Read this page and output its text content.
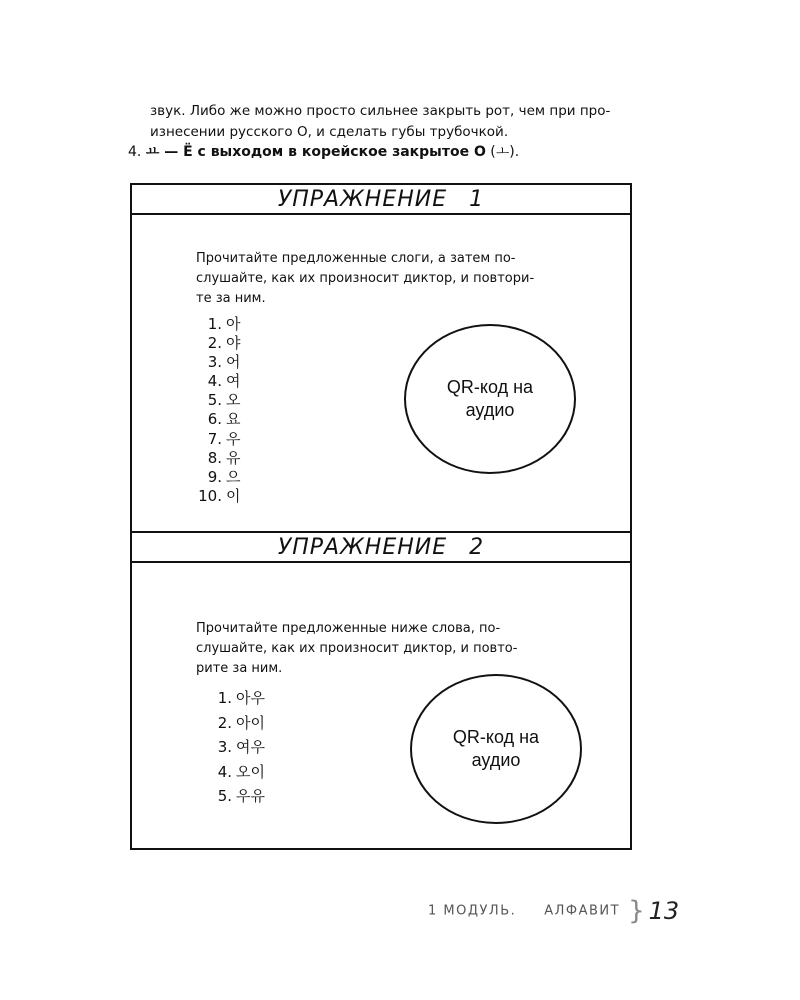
звук. Либо же можно просто сильнее закрыть рот, чем при про-
изнесении русского О, и сделать губы трубочкой.
4. ㅛ — Ё с выходом в корейское закрытое О (ㅗ).
УПРАЖНЕНИЕ 1
Прочитайте предложенные слоги, а затем по-
слушайте, как их произносит диктор, и повтори-
те за ним.
1. 아
2. 야
3. 어
4. 여
5. 오
6. 요
7. 우
8. 유
9. 으
10. 이
QR-код на аудио
УПРАЖНЕНИЕ 2
Прочитайте предложенные ниже слова, по-
слушайте, как их произносит диктор, и повто-
рите за ним.
1. 아우
2. 아이
3. 여우
4. 오이
5. 우유
QR-код на аудио
1 МОДУЛЬ. АЛФАВИТ } 13
